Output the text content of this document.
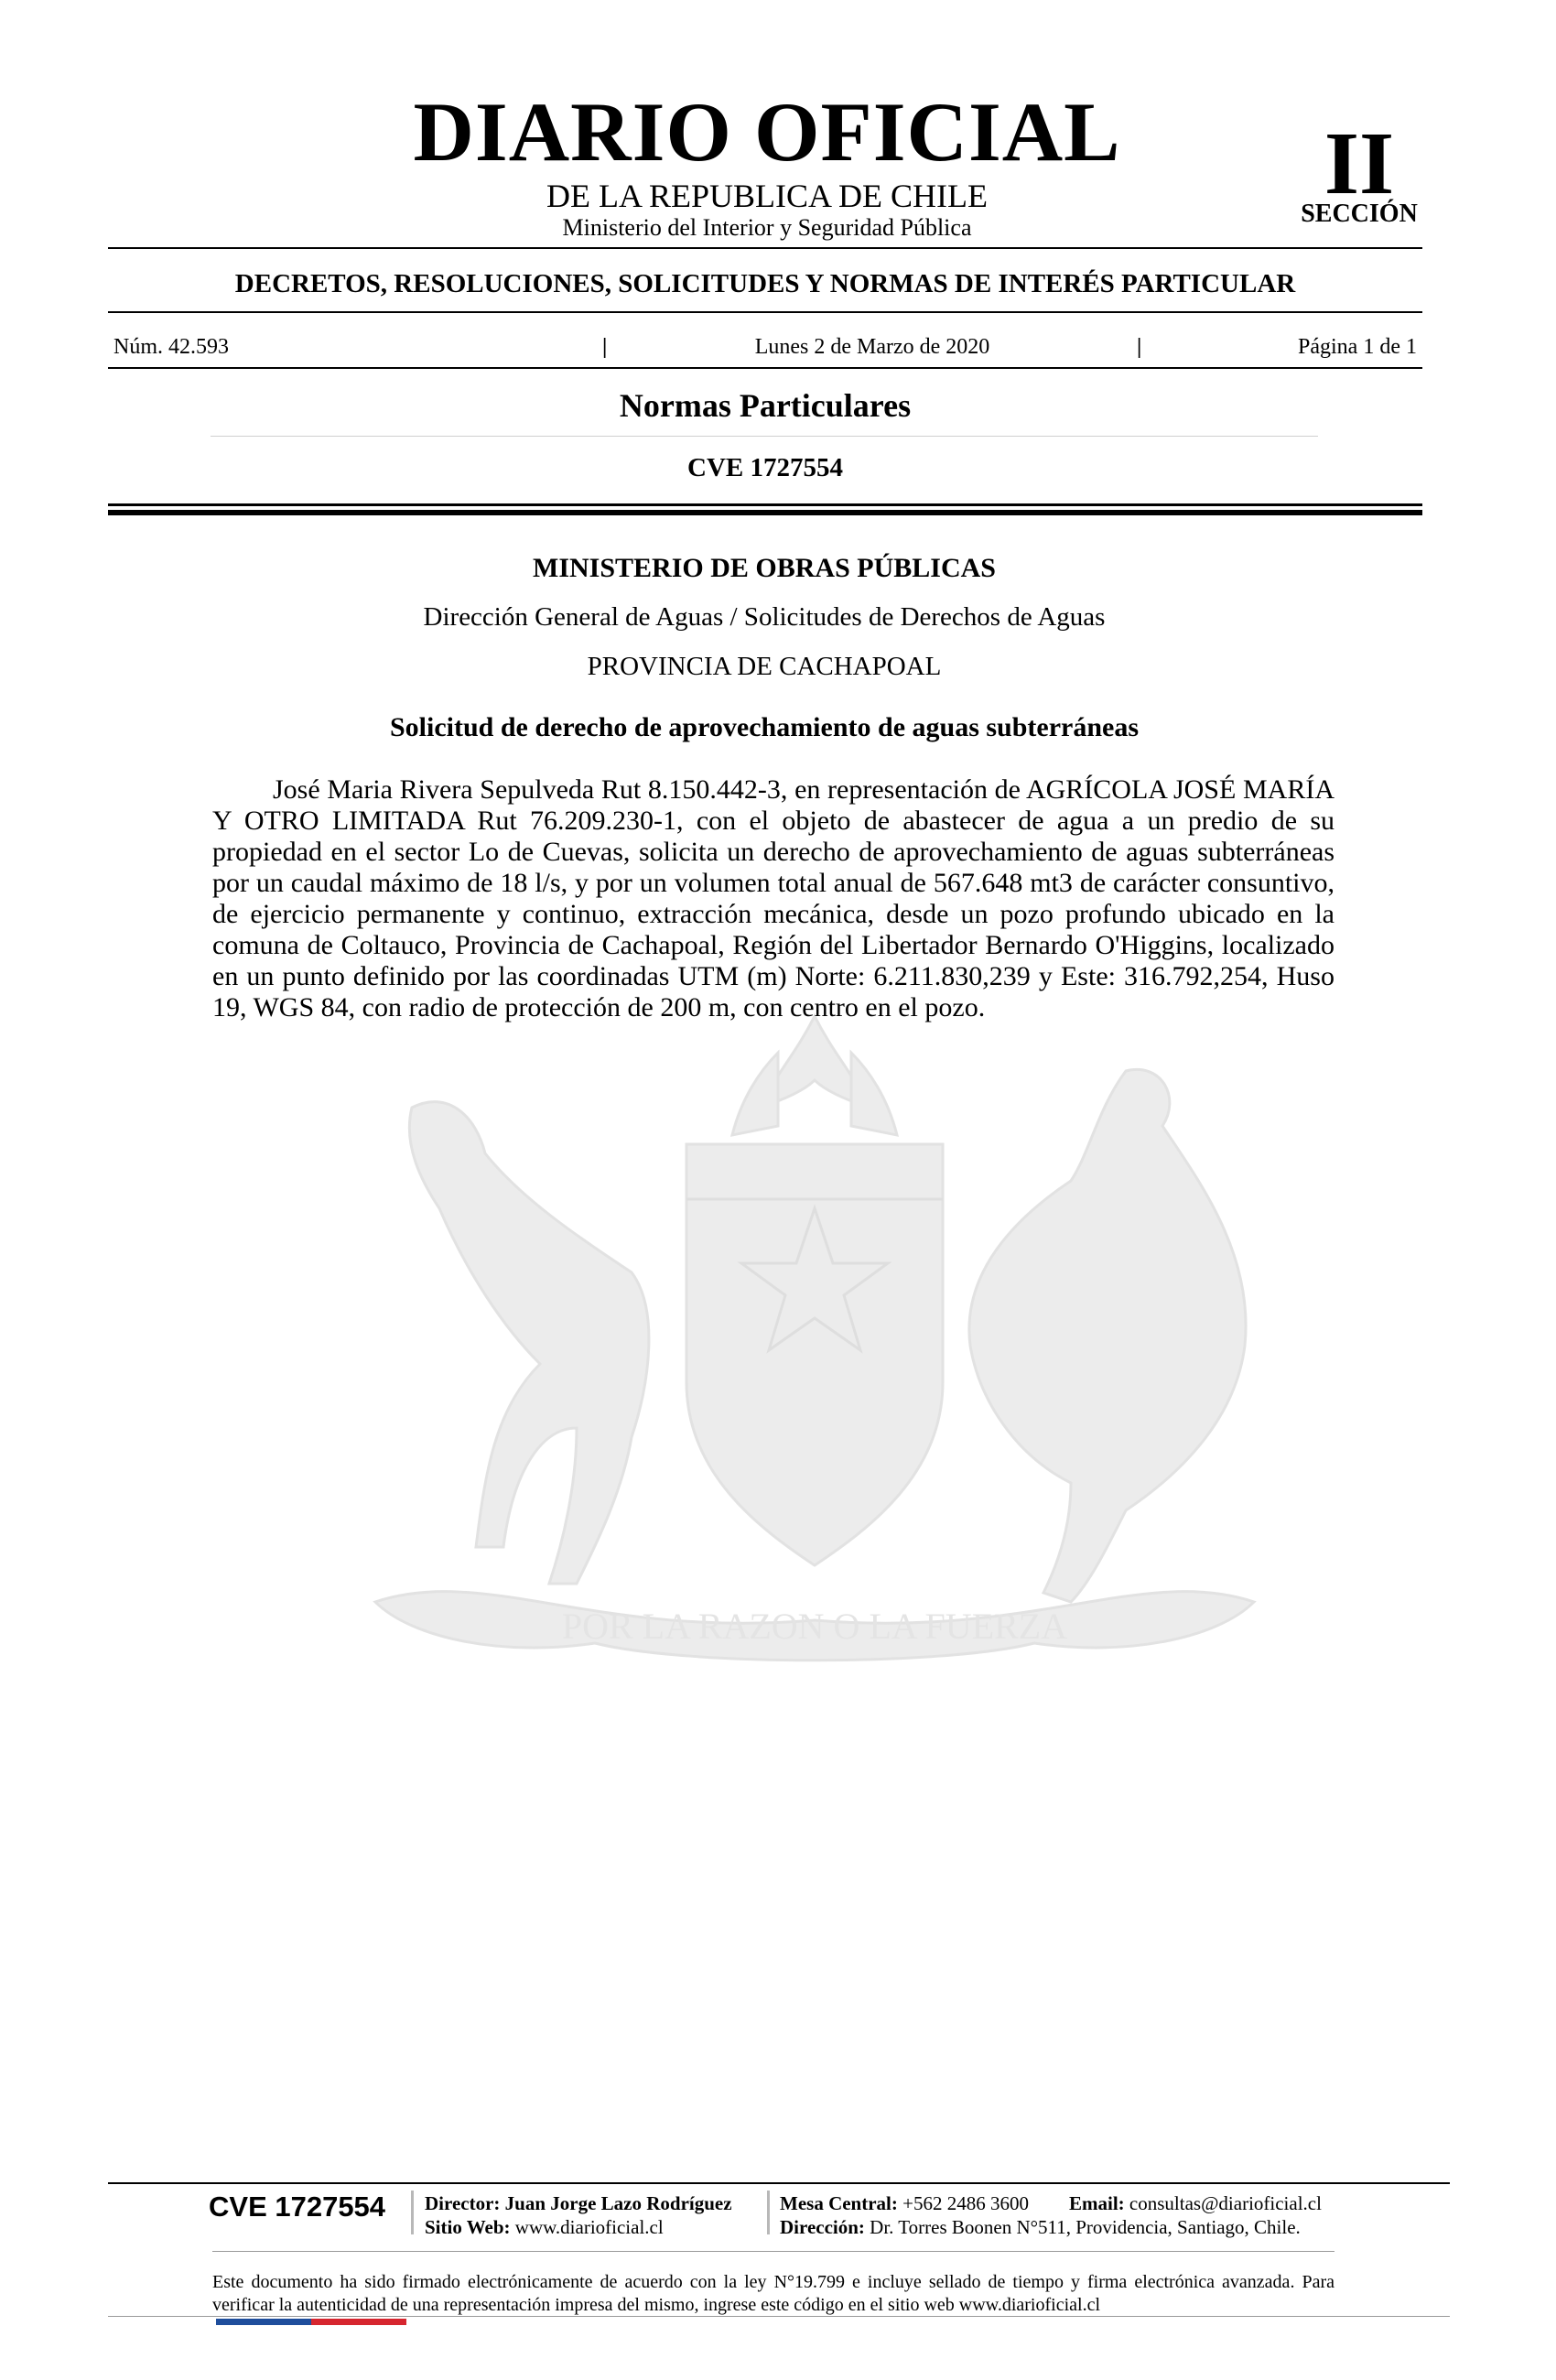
DIARIO OFICIAL
DE LA REPUBLICA DE CHILE
Ministerio del Interior y Seguridad Pública
II
SECCIÓN
DECRETOS, RESOLUCIONES, SOLICITUDES Y NORMAS DE INTERÉS PARTICULAR
Núm. 42.593	|	Lunes 2 de Marzo de 2020	|	Página 1 de 1
Normas Particulares
CVE 1727554
POR LA RAZON O LA FUERZA
MINISTERIO DE OBRAS PÚBLICAS
Dirección General de Aguas / Solicitudes de Derechos de Aguas
PROVINCIA DE CACHAPOAL
Solicitud de derecho de aprovechamiento de aguas subterráneas

José Maria Rivera Sepulveda Rut 8.150.442-3, en representación de AGRÍCOLA JOSÉ MARÍA Y OTRO LIMITADA Rut 76.209.230-1, con el objeto de abastecer de agua a un predio de su propiedad en el sector Lo de Cuevas, solicita un derecho de aprovechamiento de aguas subterráneas por un caudal máximo de 18 l/s, y por un volumen total anual de 567.648 mt3 de carácter consuntivo, de ejercicio permanente y continuo, extracción mecánica, desde un pozo profundo ubicado en la comuna de Coltauco, Provincia de Cachapoal, Región del Libertador Bernardo O'Higgins, localizado en un punto definido por las coordinadas UTM (m) Norte: 6.211.830,239 y Este: 316.792,254, Huso 19, WGS 84, con radio de protección de 200 m, con centro en el pozo.

CVE 1727554 Director: Juan Jorge Lazo Rodríguez
Sitio Web: www.diarioficial.cl
Mesa Central: +562 2486 3600 Email: consultas@diarioficial.cl
Dirección: Dr. Torres Boonen N°511, Providencia, Santiago, Chile.

Este documento ha sido firmado electrónicamente de acuerdo con la ley N°19.799 e incluye sellado de tiempo y firma electrónica avanzada. Para verificar la autenticidad de una representación impresa del mismo, ingrese este código en el sitio web www.diarioficial.cl
